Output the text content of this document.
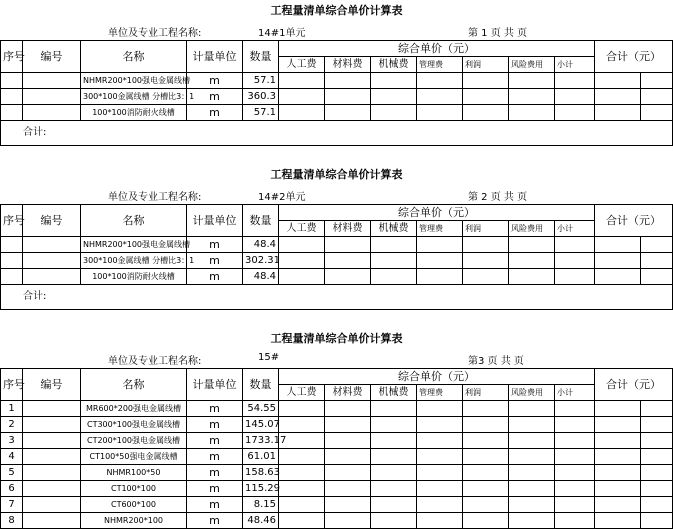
工程量清单综合单价计算表
单位及专业工程名称:	14#1单元	第 1 页 共 页
序号	编号	名称	计量单位	数量	综合单价（元）							合计（元）	
					人工费	材料费	机械费	管理费	利润	风险费用	小计		
		NHMR200*100强电金属线槽	m	57.1									
		300*100金属线槽 分槽比3：1	m	360.3									
		100*100消防耐火线槽	m	57.1									
合计:													
工程量清单综合单价计算表
单位及专业工程名称:	14#2单元	第 2 页 共 页
序号	编号	名称	计量单位	数量	综合单价（元）							合计（元）	
					人工费	材料费	机械费	管理费	利润	风险费用	小计		
		NHMR200*100强电金属线槽	m	48.4									
		300*100金属线槽 分槽比3：1	m	302.31									
		100*100消防耐火线槽	m	48.4									
合计:													
工程量清单综合单价计算表
单位及专业工程名称:	15#	第3 页 共 页
序号	编号	名称	计量单位	数量	综合单价（元）							合计（元）	
					人工费	材料费	机械费	管理费	利润	风险费用	小计		
1		MR600*200强电金属线槽	m	54.55									
2		CT300*100强电金属线槽	m	145.07									
3		CT200*100强电金属线槽	m	1733.17									
4		CT100*50强电金属线槽	m	61.01									
5		NHMR100*50	m	158.63									
6		CT100*100	m	115.29									
7		CT600*100	m	8.15									
8		NHMR200*100	m	48.46									
